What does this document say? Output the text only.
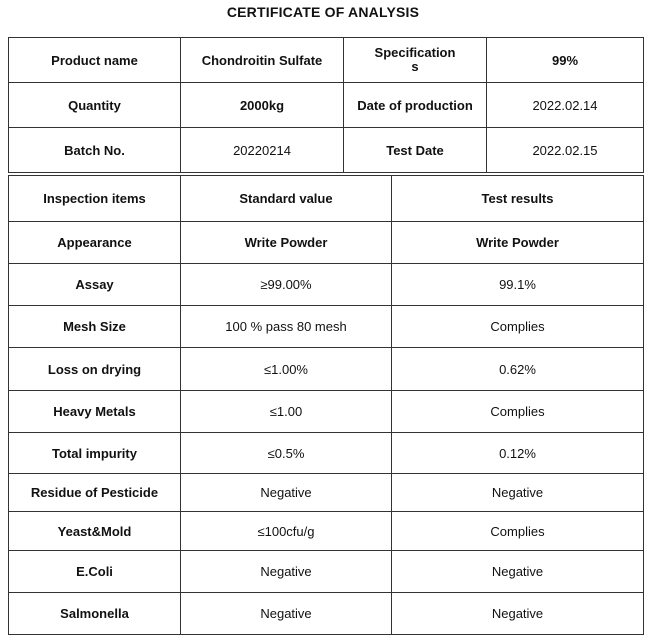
CERTIFICATE OF ANALYSIS
Product name	Chondroitin Sulfate	Specifications	99%
Quantity	2000kg	Date of production	2022.02.14
Batch No.	20220214	Test Date	2022.02.15
Inspection items	Standard value	Test results
Appearance	Write Powder	Write Powder
Assay	≥99.00%	99.1%
Mesh Size	100 % pass 80 mesh	Complies
Loss on drying	≤1.00%	0.62%
Heavy Metals	≤1.00	Complies
Total impurity	≤0.5%	0.12%
Residue of Pesticide	Negative	Negative
Yeast&Mold	≤100cfu/g	Complies
E.Coli	Negative	Negative
Salmonella	Negative	Negative
